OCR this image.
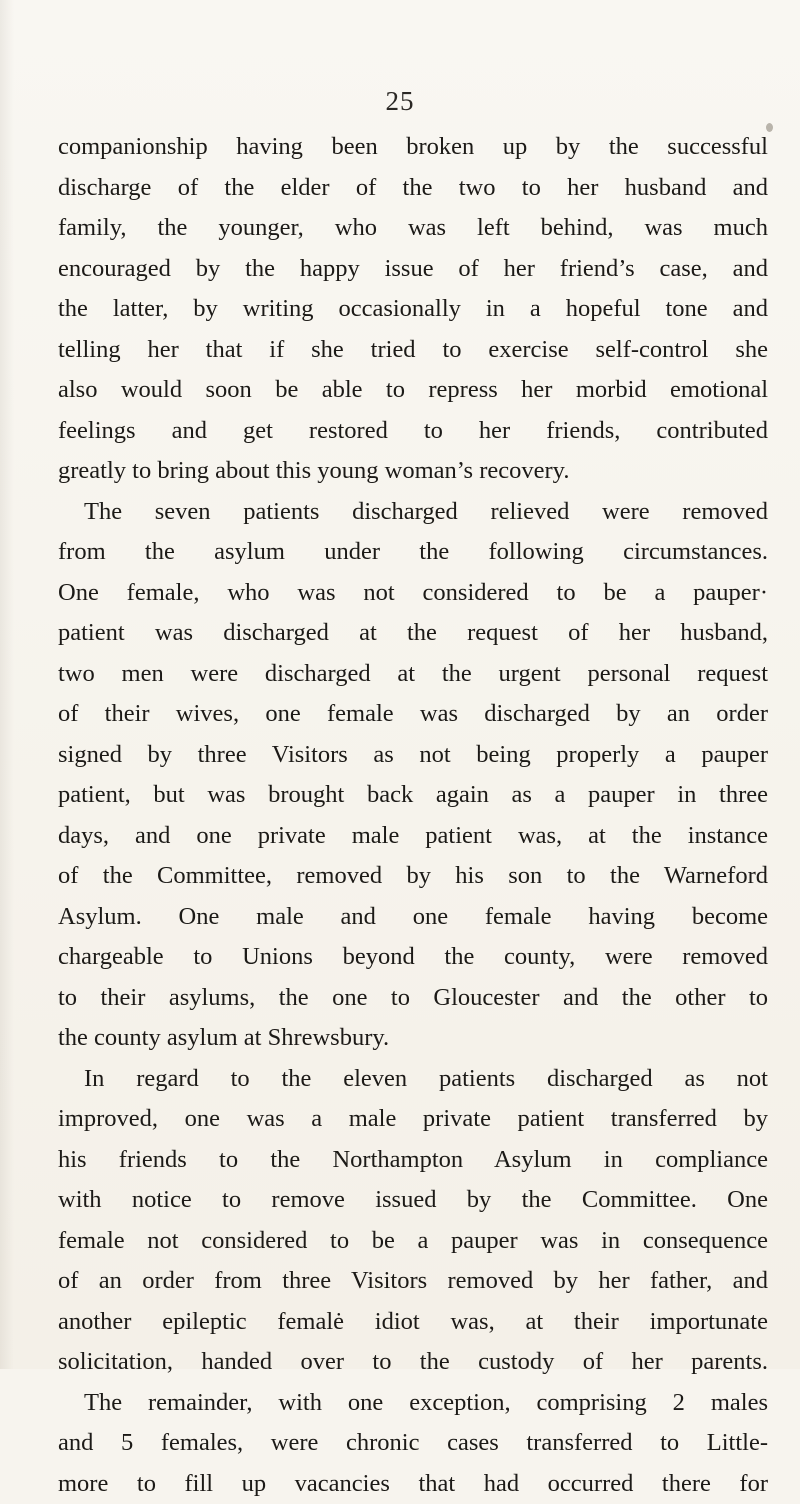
25
companionship having been broken up by the successful
discharge of the elder of the two to her husband and
family, the younger, who was left behind, was much
encouraged by the happy issue of her friend’s case, and
the latter, by writing occasionally in a hopeful tone and
telling her that if she tried to exercise self-control she
also would soon be able to repress her morbid emotional
feelings and get restored to her friends, contributed
greatly to bring about this young woman’s recovery.
The seven patients discharged relieved were removed
from the asylum under the following circumstances.
One female, who was not considered to be a pauper·
patient was discharged at the request of her husband,
two men were discharged at the urgent personal request
of their wives, one female was discharged by an order
signed by three Visitors as not being properly a pauper
patient, but was brought back again as a pauper in three
days, and one private male patient was, at the instance
of the Committee, removed by his son to the Warneford
Asylum. One male and one female having become
chargeable to Unions beyond the county, were removed
to their asylums, the one to Gloucester and the other to
the county asylum at Shrewsbury.
In regard to the eleven patients discharged as not
improved, one was a male private patient transferred by
his friends to the Northampton Asylum in compliance
with notice to remove issued by the Committee. One
female not considered to be a pauper was in consequence
of an order from three Visitors removed by her father, and
another epileptic femalė idiot was, at their importunate
solicitation, handed over to the custody of her parents.
The remainder, with one exception, comprising 2 males
and 5 females, were chronic cases transferred to Little-
more to fill up vacancies that had occurred there for
